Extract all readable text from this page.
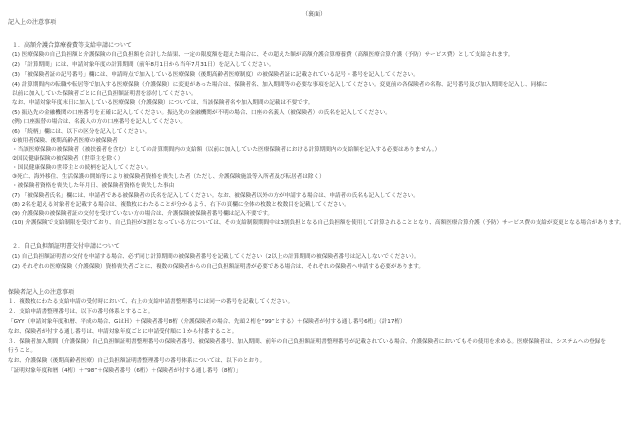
（裏面）
記入上の注意事項
１．高額介護合算療養費等支給申請について
(1) 医療保険の自己負担額と介護保険の自己負担額を合計した結果、一定の限度額を超えた場合に、その超えた額が高額介護合算療養費（高額医療合算介護（予防）サービス費）として支給されます。
(2) 「計算期間」には、申請対象年度の計算期間（前年8月1日から当年7月31日）を記入してください。
(3) 「被保険者証の記号番号」欄には、申請時点で加入している医療保険（後期高齢者医療制度）の被保険者証に記載されている記号・番号を記入してください。
(4) 計算期間内の転職や転居等で加入する医療保険（介護保険）に変更があった場合は、保険者名、加入期間等の必要な事項を記入してください。変更前の各保険者の名称、記号番号及び加入期間を記入し、同様に
以前に加入していた保険者ごとに自己負担額証明書を添付してください。
なお、申請対象年度末日に加入している医療保険（介護保険）については、当該保険者名や加入期間の記載は不要です。
(5) 振込先の金融機関の口座番号を正確に記入してください。振込先の金融機関が不明の場合、口座の名義人（被保険者）の氏名を記入してください。
(例) 口座振替の場合は、名義人の方の口座番号を記入してください。
(6) 「続柄」欄には、以下の区分を記入してください。
①被用者保険、後期高齢者医療の被保険者
・当該医療保険の被保険者（被扶養者を含む）としての計算期間内の支給額（以前に加入していた医療保険者における計算期間内の支給額を記入する必要はありません。）
②国民健康保険の被保険者（世帯主を除く）
・国民健康保険の世帯主との続柄を記入してください。
③死亡、海外移住、生活保護の開始等により被保険者資格を喪失した者（ただし、介護保険施設等入所者及び転居者は除く）
・被保険者資格を喪失した年月日、被保険者資格を喪失した事由
(7) 「被保険者氏名」欄には、申請者である被保険者の氏名を記入してください。なお、被保険者以外の方が申請する場合は、申請者の氏名も記入してください。
(8) 2名を超える対象者を記載する場合は、複数枚にわたることが分かるよう、右下の頁欄に全体の枚数と枚数目を記載してください。
(9) 介護保険の被保険者証の交付を受けていない方の場合は、介護保険被保険者番号欄は記入不要です。
(10) 介護保険で支給制限を受けており、自己負担が3割となっている方については、その支給制限期間中は3割負担となる自己負担額を使用して計算されることとなり、高額医療合算介護（予防）サービス費の支給が変更となる場合があります。
２．自己負担額証明書交付申請について
(1) 自己負担額証明書の交付を申請する場合、必ず同じ計算期間の被保険者番号を記載してください（2以上の計算期間の被保険者番号は記入しないでください）。
(2) それぞれの医療保険（介護保険）資格喪失者ごとに、複数の保険者からの自己負担額証明書が必要である場合は、それぞれの保険者へ申請する必要があります。
保険者記入上の注意事項
１．複数枚にわたる支給申請の受付時において、右上の支給申請書整理番号には同一の番号を記載してください。
２．支給申請書整理番号は、以下の番号体系とすること。
「GYY（申請対象年度和暦、平成の場合、GはＨ）＋保険者番号8桁（介護保険者の場合、先頭２桁を“99”とする）＋保険者が付する通し番号6桁」（計17桁）
なお、保険者が付する通し番号は、申請対象年度ごとに申請受付順に１から付番すること。
３．保険者加入期間（介護保険）自己負担額証明書整理番号の保険者番号、被保険者番号、加入期間、前年の自己負担額証明書整理番号が記載されている場合、介護保険者においてもその使用を求める。医療保険者は、システムへの登録を
行うこと。
なお、介護保険（後期高齢者医療）自己負担額証明書整理番号の番号体系については、以下のとおり。
「証明対象年度和暦（4桁）＋“98”＋保険者番号（6桁）＋保険者が付する通し番号（8桁）」
